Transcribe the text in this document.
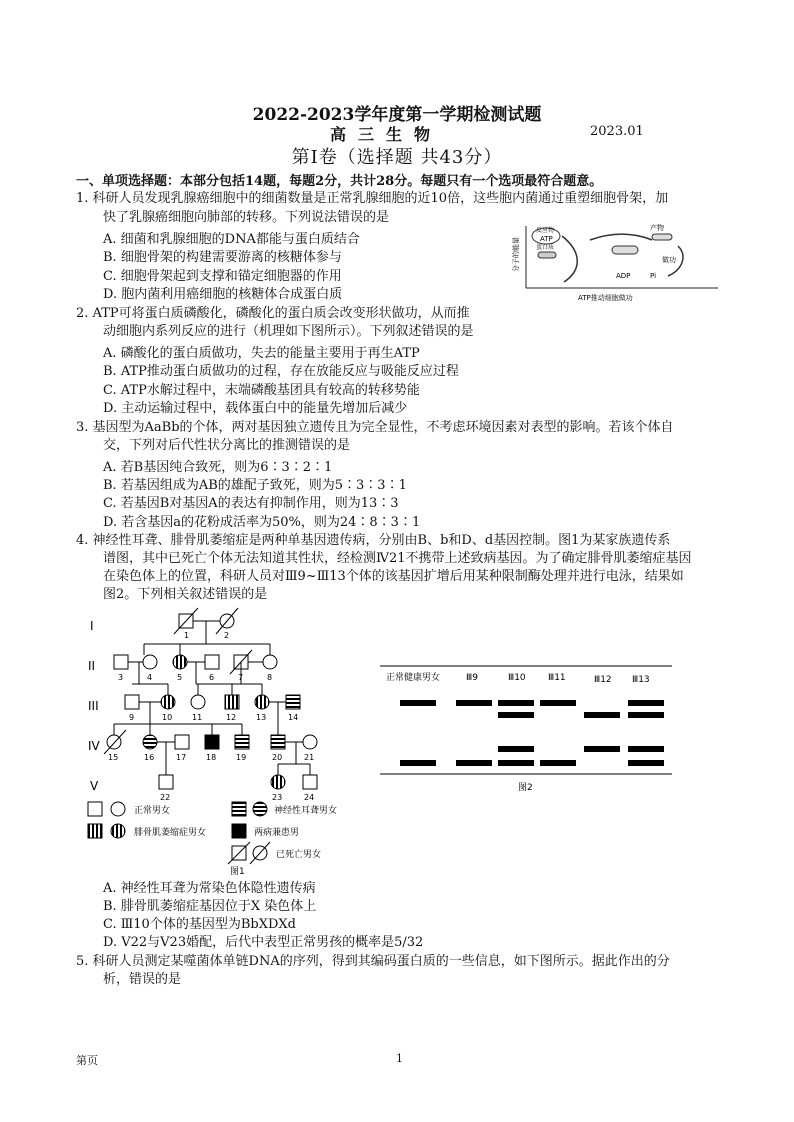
2022-2023学年度第一学期检测试题
高三生物	2023.01
第Ⅰ卷（选择题 共43分）
一、单项选择题：本部分包括14题，每题2分，共计28分。每题只有一个选项最符合题意。
1. 科研人员发现乳腺癌细胞中的细菌数量是正常乳腺细胞的近10倍，这些胞内菌通过重塑细胞骨架，加
快了乳腺癌细胞向肺部的转移。下列说法错误的是
A. 细菌和乳腺细胞的DNA都能与蛋白质结合
B. 细胞骨架的构建需要游离的核糖体参与
C. 细胞骨架起到支撑和锚定细胞器的作用
D. 胞内菌利用癌细胞的核糖体合成蛋白质
分子的能量
反应物
ATP
蛋白质
产物
做功
ADP	Pi
ATP推动细胞做功
2. ATP可将蛋白质磷酸化，磷酸化的蛋白质会改变形状做功，从而推
动细胞内系列反应的进行（机理如下图所示）。下列叙述错误的是
A. 磷酸化的蛋白质做功，失去的能量主要用于再生ATP
B. ATP推动蛋白质做功的过程，存在放能反应与吸能反应过程
C. ATP水解过程中，末端磷酸基团具有较高的转移势能
D. 主动运输过程中，载体蛋白中的能量先增加后减少
3. 基因型为AaBb的个体，两对基因独立遗传且为完全显性，不考虑环境因素对表型的影响。若该个体自
交，下列对后代性状分离比的推测错误的是
A. 若B基因纯合致死，则为6∶3∶2∶1
B. 若基因组成为AB的雄配子致死，则为5∶3∶3∶1
C. 若基因B对基因A的表达有抑制作用，则为13∶3
D. 若含基因a的花粉成活率为50%，则为24∶8∶3∶1
4. 神经性耳聋、腓骨肌萎缩症是两种单基因遗传病，分别由B、b和D、d基因控制。图1为某家族遗传系
谱图，其中已死亡个体无法知道其性状，经检测Ⅳ21不携带上述致病基因。为了确定腓骨肌萎缩症基因
在染色体上的位置，科研人员对Ⅲ9~Ⅲ13个体的该基因扩增后用某种限制酶处理并进行电泳，结果如
图2。下列相关叙述错误的是
I
II
III
IV
V
1	2
3	4	5	6	7	8
9	10 11	12 13	14
15	16	17 18 19	20	21
22	23	24
正常男女	神经性耳聋男女
腓骨肌萎缩症男女	两病兼患男
已死亡男女
图1
正常健康男女	Ⅲ9	Ⅲ10 Ⅲ11	Ⅲ12 Ⅲ13
图2
A. 神经性耳聋为常染色体隐性遗传病
B. 腓骨肌萎缩症基因位于X 染色体上
C. Ⅲ10个体的基因型为BbXDXd
D. V22与V23婚配，后代中表型正常男孩的概率是5/32
5. 科研人员测定某噬菌体单链DNA的序列，得到其编码蛋白质的一些信息，如下图所示。据此作出的分
析，错误的是
第页	1
